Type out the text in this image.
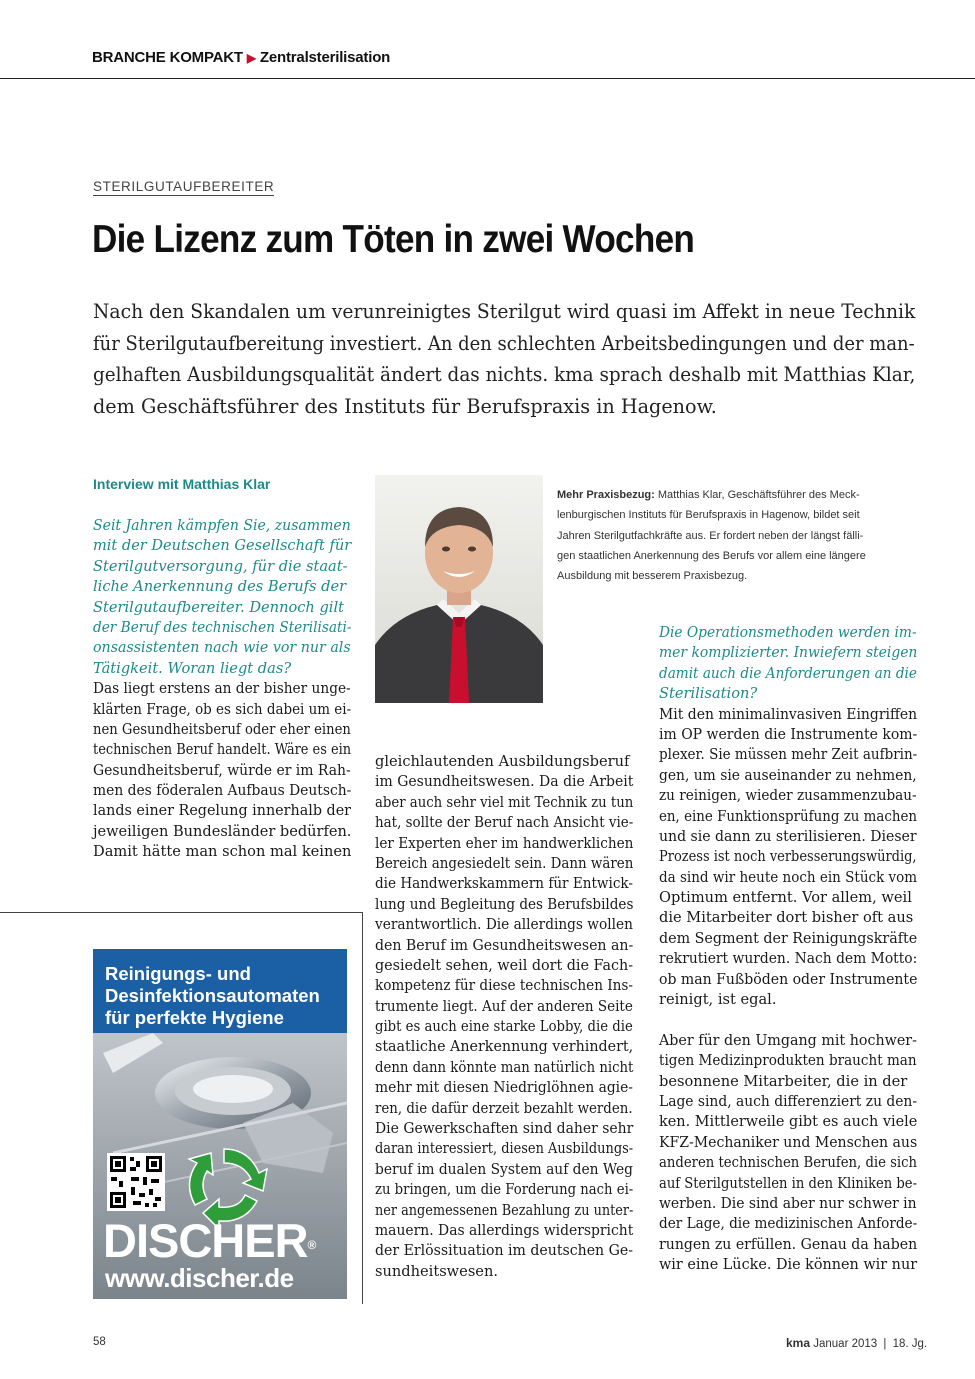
BRANCHE KOMPAKT ▶ Zentralsterilisation
STERILGUTAUFBEREITER
Die Lizenz zum Töten in zwei Wochen
Nach den Skandalen um verunreinigtes Sterilgut wird quasi im Affekt in neue Technik
für Sterilgutaufbereitung investiert. An den schlechten Arbeitsbedingungen und der man-
gelhaften Ausbildungsqualität ändert das nichts. kma sprach deshalb mit Matthias Klar,
dem Geschäftsführer des Instituts für Berufspraxis in Hagenow.
Interview mit Matthias Klar
Seit Jahren kämpfen Sie, zusammen
mit der Deutschen Gesellschaft für
Sterilgutversorgung, für die staat-
liche Anerkennung des Berufs der
Sterilgutaufbereiter. Dennoch gilt
der Beruf des technischen Sterilisati-
onsassistenten nach wie vor nur als
Tätigkeit. Woran liegt das?
Das liegt erstens an der bisher unge-
klärten Frage, ob es sich dabei um ei-
nen Gesundheitsberuf oder eher einen
technischen Beruf handelt. Wäre es ein
Gesundheitsberuf, würde er im Rah-
men des föderalen Aufbaus Deutsch-
lands einer Regelung innerhalb der
jeweiligen Bundesländer bedürfen.
Damit hätte man schon mal keinen
Mehr Praxisbezug: Matthias Klar, Geschäftsführer des Meck-
lenburgischen Instituts für Berufspraxis in Hagenow, bildet seit
Jahren Sterilgutfachkräfte aus. Er fordert neben der längst fälli-
gen staatlichen Anerkennung des Berufs vor allem eine längere
Ausbildung mit besserem Praxisbezug.
gleichlautenden Ausbildungsberuf
im Gesundheitswesen. Da die Arbeit
aber auch sehr viel mit Technik zu tun
hat, sollte der Beruf nach Ansicht vie-
ler Experten eher im handwerklichen
Bereich angesiedelt sein. Dann wären
die Handwerkskammern für Entwick-
lung und Begleitung des Berufsbildes
verantwortlich. Die allerdings wollen
den Beruf im Gesundheitswesen an-
gesiedelt sehen, weil dort die Fach-
kompetenz für diese technischen Ins-
trumente liegt. Auf der anderen Seite
gibt es auch eine starke Lobby, die die
staatliche Anerkennung verhindert,
denn dann könnte man natürlich nicht
mehr mit diesen Niedriglöhnen agie-
ren, die dafür derzeit bezahlt werden.
Die Gewerkschaften sind daher sehr
daran interessiert, diesen Ausbildungs-
beruf im dualen System auf den Weg
zu bringen, um die Forderung nach ei-
ner angemessenen Bezahlung zu unter-
mauern. Das allerdings widerspricht
der Erlössituation im deutschen Ge-
sundheitswesen.
Die Operationsmethoden werden im-
mer komplizierter. Inwiefern steigen
damit auch die Anforderungen an die
Sterilisation?
Mit den minimalinvasiven Eingriffen
im OP werden die Instrumente kom-
plexer. Sie müssen mehr Zeit aufbrin-
gen, um sie auseinander zu nehmen,
zu reinigen, wieder zusammenzubau-
en, eine Funktionsprüfung zu machen
und sie dann zu sterilisieren. Dieser
Prozess ist noch verbesserungswürdig,
da sind wir heute noch ein Stück vom
Optimum entfernt. Vor allem, weil
die Mitarbeiter dort bisher oft aus
dem Segment der Reinigungskräfte
rekrutiert wurden. Nach dem Motto:
ob man Fußböden oder Instrumente
reinigt, ist egal.
Aber für den Umgang mit hochwer-
tigen Medizinprodukten braucht man
besonnene Mitarbeiter, die in der
Lage sind, auch differenziert zu den-
ken. Mittlerweile gibt es auch viele
KFZ-Mechaniker und Menschen aus
anderen technischen Berufen, die sich
auf Sterilgutstellen in den Kliniken be-
werben. Die sind aber nur schwer in
der Lage, die medizinischen Anforde-
rungen zu erfüllen. Genau da haben
wir eine Lücke. Die können wir nur
Reinigungs- und
Desinfektionsautomaten
für perfekte Hygiene
DISCHER®
www.discher.de
58	kma Januar 2013 | 18. Jg.
